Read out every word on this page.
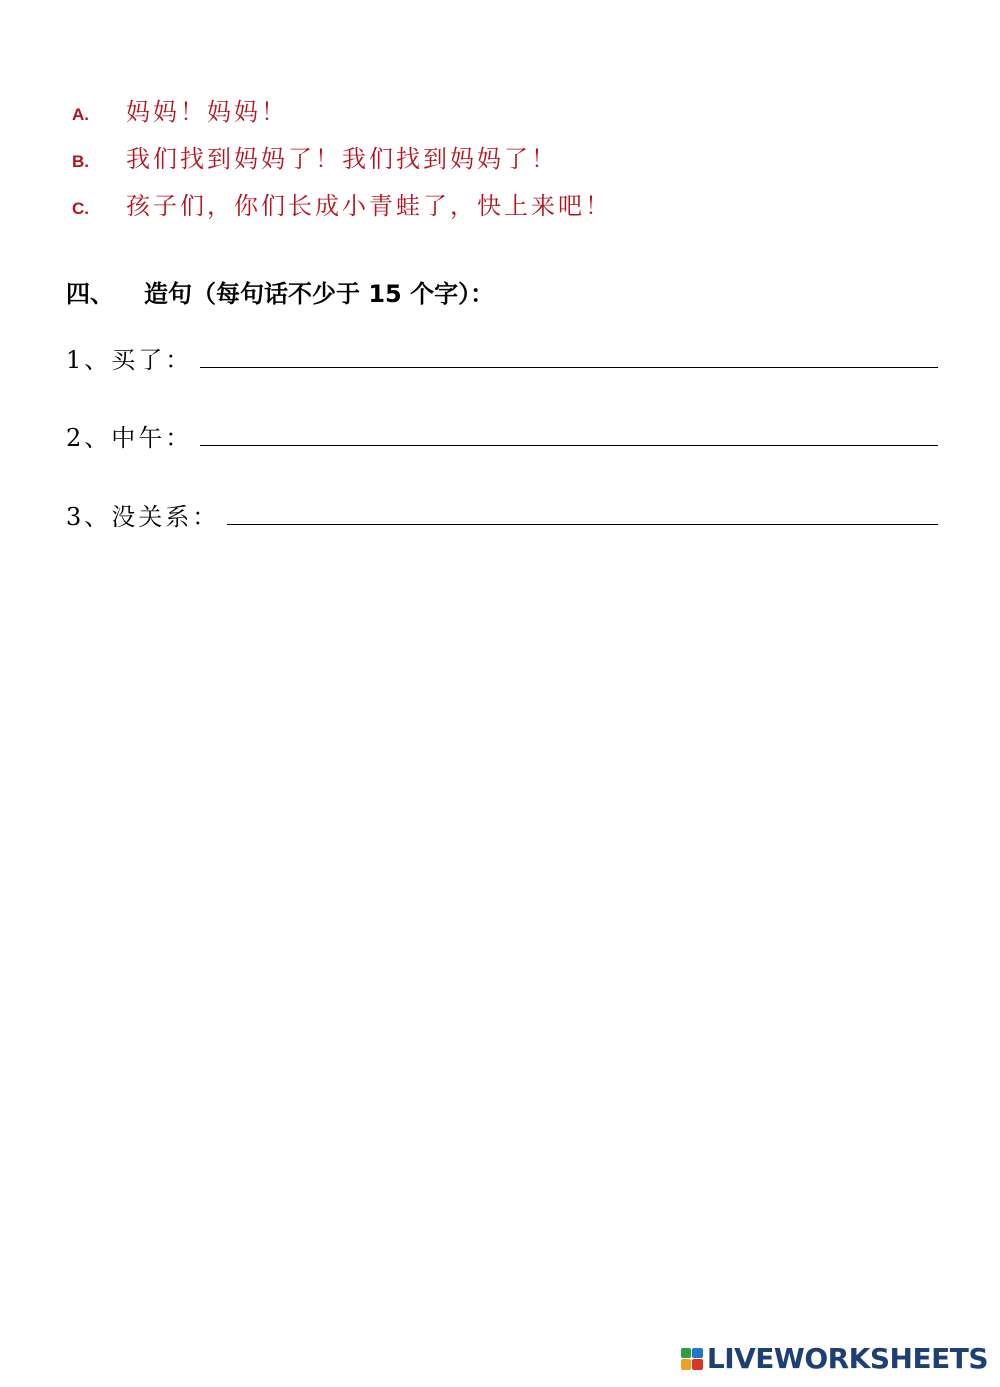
A.	妈妈！妈妈！
B.	我们找到妈妈了！我们找到妈妈了！
C.	孩子们，你们长成小青蛙了，快上来吧！
四、 造句（每句话不少于 15 个字）：
1、买了：
2、中午：
3、没关系：
LIVEWORKSHEETS
